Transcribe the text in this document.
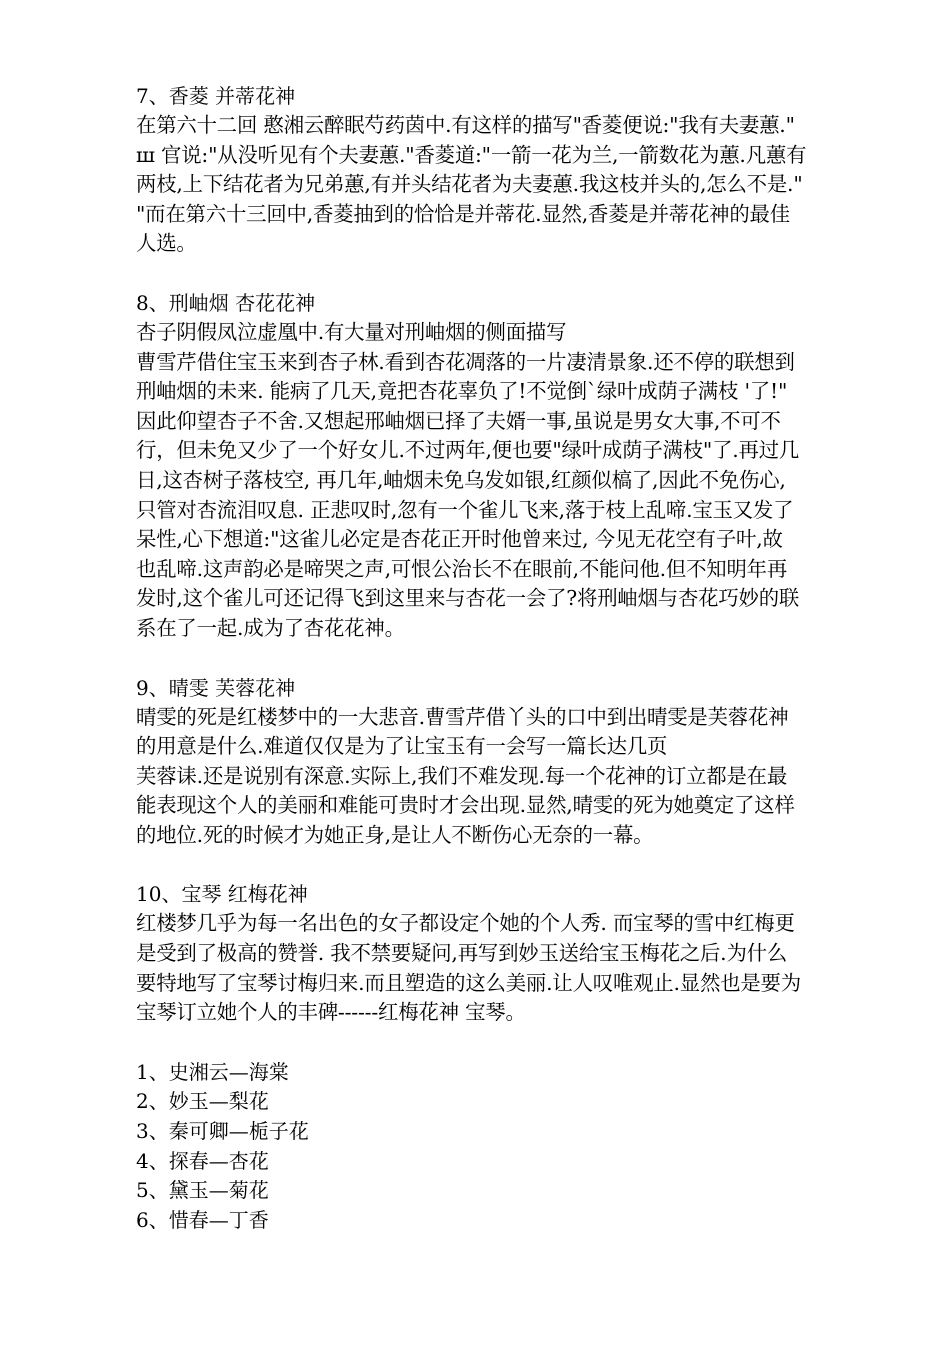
7、香菱 并蒂花神
在第六十二回 憨湘云醉眠芍药茵中.有这样的描写"香菱便说:"我有夫妻蕙."
ш 官说:"从没听见有个夫妻蕙."香菱道:"一箭一花为兰,一箭数花为蕙.凡蕙有
两枝,上下结花者为兄弟蕙,有并头结花者为夫妻蕙.我这枝并头的,怎么不是."
"而在第六十三回中,香菱抽到的恰恰是并蒂花.显然,香菱是并蒂花神的最佳
人选。
8、刑岫烟 杏花花神
杏子阴假凤泣虚凰中.有大量对刑岫烟的侧面描写
曹雪芹借住宝玉来到杏子林.看到杏花凋落的一片凄清景象.还不停的联想到
刑岫烟的未来. 能病了几天,竟把杏花辜负了!不觉倒`绿叶成荫子满枝 '了!"
因此仰望杏子不舍.又想起邢岫烟已择了夫婿一事,虽说是男女大事,不可不
行，但未免又少了一个好女儿.不过两年,便也要"绿叶成荫子满枝"了.再过几
日,这杏树子落枝空, 再几年,岫烟未免乌发如银,红颜似槁了,因此不免伤心,
只管对杏流泪叹息. 正悲叹时,忽有一个雀儿飞来,落于枝上乱啼.宝玉又发了
呆性,心下想道:"这雀儿必定是杏花正开时他曾来过, 今见无花空有子叶,故
也乱啼.这声韵必是啼哭之声,可恨公治长不在眼前,不能问他.但不知明年再
发时,这个雀儿可还记得飞到这里来与杏花一会了?将刑岫烟与杏花巧妙的联
系在了一起.成为了杏花花神。
9、晴雯 芙蓉花神
晴雯的死是红楼梦中的一大悲音.曹雪芹借丫头的口中到出晴雯是芙蓉花神
的用意是什么.难道仅仅是为了让宝玉有一会写一篇长达几页
芙蓉诔.还是说别有深意.实际上,我们不难发现.每一个花神的订立都是在最
能表现这个人的美丽和难能可贵时才会出现.显然,晴雯的死为她奠定了这样
的地位.死的时候才为她正身,是让人不断伤心无奈的一幕。
10、宝琴 红梅花神
红楼梦几乎为每一名出色的女子都设定个她的个人秀. 而宝琴的雪中红梅更
是受到了极高的赞誉. 我不禁要疑问,再写到妙玉送给宝玉梅花之后.为什么
要特地写了宝琴讨梅归来.而且塑造的这么美丽.让人叹唯观止.显然也是要为
宝琴订立她个人的丰碑------红梅花神 宝琴。
1、史湘云—海棠
2、妙玉—梨花
3、秦可卿—栀子花
4、探春—杏花
5、黛玉—菊花
6、惜春—丁香
